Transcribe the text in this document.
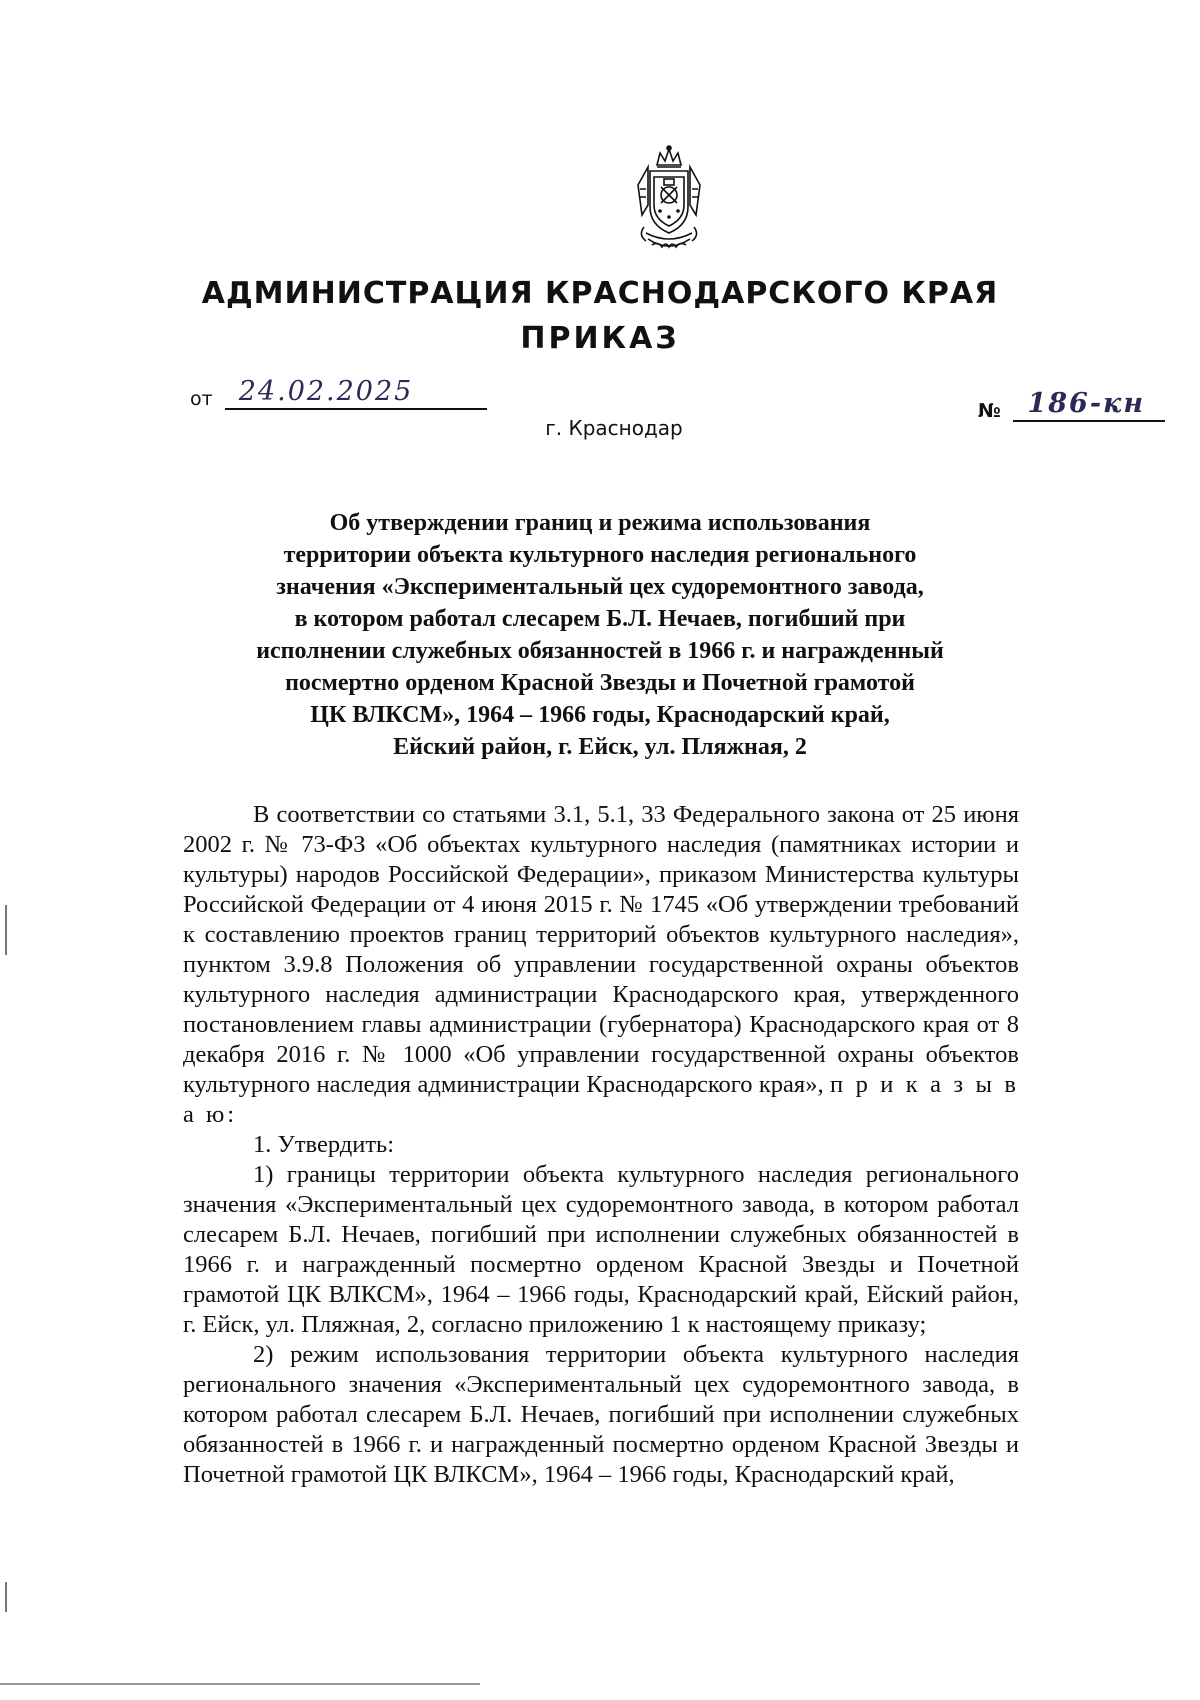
АДМИНИСТРАЦИЯ КРАСНОДАРСКОГО КРАЯ
ПРИКАЗ
от 24.02.2025
№ 186-кн
г. Краснодар
Об утверждении границ и режима использования
территории объекта культурного наследия регионального
значения «Экспериментальный цех судоремонтного завода,
в котором работал слесарем Б.Л. Нечаев, погибший при
исполнении служебных обязанностей в 1966 г. и награжденный
посмертно орденом Красной Звезды и Почетной грамотой
ЦК ВЛКСМ», 1964 – 1966 годы, Краснодарский край,
Ейский район, г. Ейск, ул. Пляжная, 2

В соответствии со статьями 3.1, 5.1, 33 Федерального закона от 25 июня 2002 г. № 73-ФЗ «Об объектах культурного наследия (памятниках истории и культуры) народов Российской Федерации», приказом Министерства культуры Российской Федерации от 4 июня 2015 г. № 1745 «Об утверждении требований к составлению проектов границ территорий объектов культурного наследия», пунктом 3.9.8 Положения об управлении государственной охраны объектов культурного наследия администрации Краснодарского края, утвержденного постановлением главы администрации (губернатора) Краснодарского края от 8 декабря 2016 г. № 1000 «Об управлении государственной охраны объектов культурного наследия администрации Краснодарского края», п р и к а з ы в а ю:

1. Утвердить:

1) границы территории объекта культурного наследия регионального значения «Экспериментальный цех судоремонтного завода, в котором работал слесарем Б.Л. Нечаев, погибший при исполнении служебных обязанностей в 1966 г. и награжденный посмертно орденом Красной Звезды и Почетной грамотой ЦК ВЛКСМ», 1964 – 1966 годы, Краснодарский край, Ейский район, г. Ейск, ул. Пляжная, 2, согласно приложению 1 к настоящему приказу;

2) режим использования территории объекта культурного наследия регионального значения «Экспериментальный цех судоремонтного завода, в котором работал слесарем Б.Л. Нечаев, погибший при исполнении служебных обязанностей в 1966 г. и награжденный посмертно орденом Красной Звезды и Почетной грамотой ЦК ВЛКСМ», 1964 – 1966 годы, Краснодарский край,
